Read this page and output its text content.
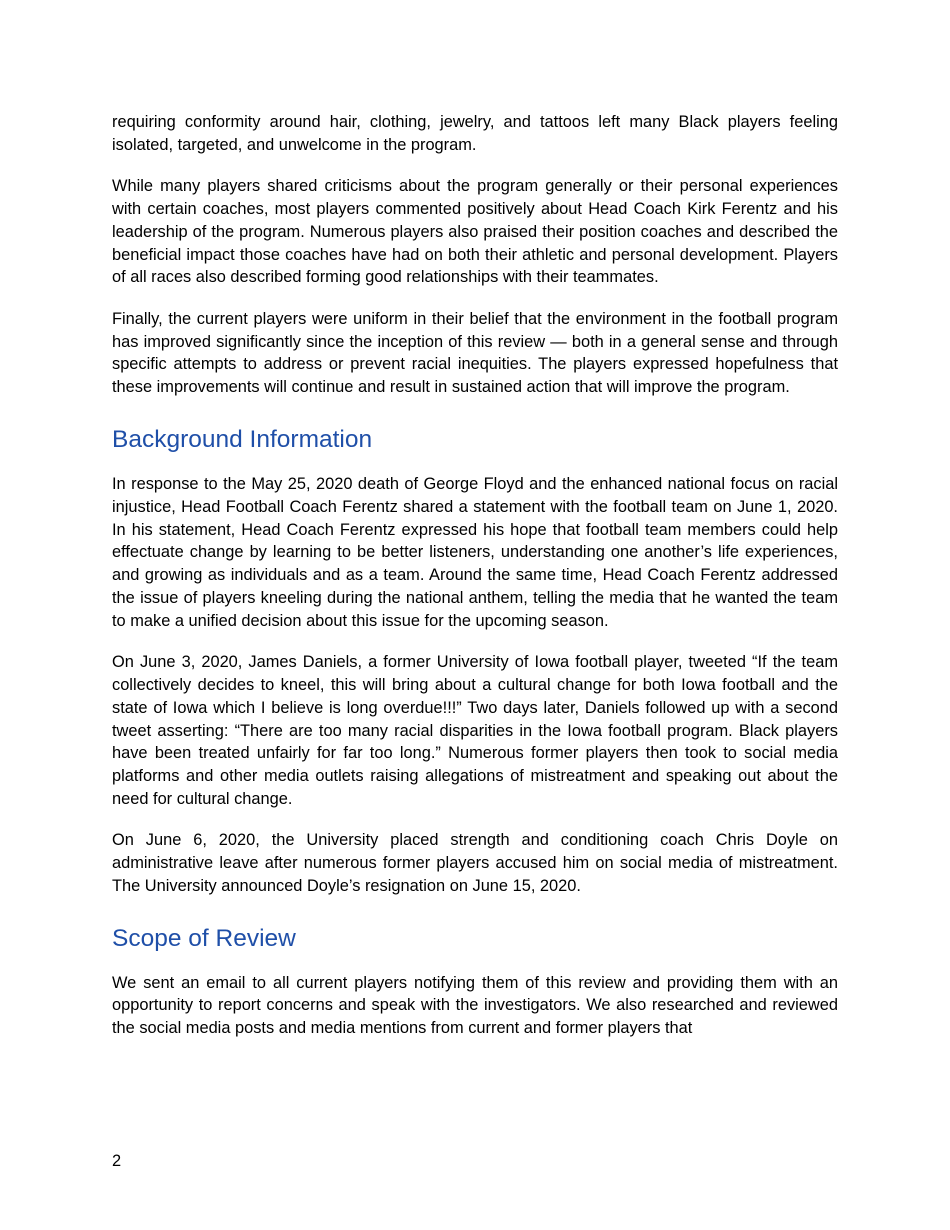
requiring conformity around hair, clothing, jewelry, and tattoos left many Black players feeling isolated, targeted, and unwelcome in the program.

While many players shared criticisms about the program generally or their personal experiences with certain coaches, most players commented positively about Head Coach Kirk Ferentz and his leadership of the program. Numerous players also praised their position coaches and described the beneficial impact those coaches have had on both their athletic and personal development. Players of all races also described forming good relationships with their teammates.

Finally, the current players were uniform in their belief that the environment in the football program has improved significantly since the inception of this review — both in a general sense and through specific attempts to address or prevent racial inequities. The players expressed hopefulness that these improvements will continue and result in sustained action that will improve the program.

Background Information

In response to the May 25, 2020 death of George Floyd and the enhanced national focus on racial injustice, Head Football Coach Ferentz shared a statement with the football team on June 1, 2020. In his statement, Head Coach Ferentz expressed his hope that football team members could help effectuate change by learning to be better listeners, understanding one another’s life experiences, and growing as individuals and as a team. Around the same time, Head Coach Ferentz addressed the issue of players kneeling during the national anthem, telling the media that he wanted the team to make a unified decision about this issue for the upcoming season.

On June 3, 2020, James Daniels, a former University of Iowa football player, tweeted “If the team collectively decides to kneel, this will bring about a cultural change for both Iowa football and the state of Iowa which I believe is long overdue!!!” Two days later, Daniels followed up with a second tweet asserting: “There are too many racial disparities in the Iowa football program. Black players have been treated unfairly for far too long.” Numerous former players then took to social media platforms and other media outlets raising allegations of mistreatment and speaking out about the need for cultural change.

On June 6, 2020, the University placed strength and conditioning coach Chris Doyle on administrative leave after numerous former players accused him on social media of mistreatment. The University announced Doyle’s resignation on June 15, 2020.

Scope of Review

We sent an email to all current players notifying them of this review and providing them with an opportunity to report concerns and speak with the investigators. We also researched and reviewed the social media posts and media mentions from current and former players that

2
